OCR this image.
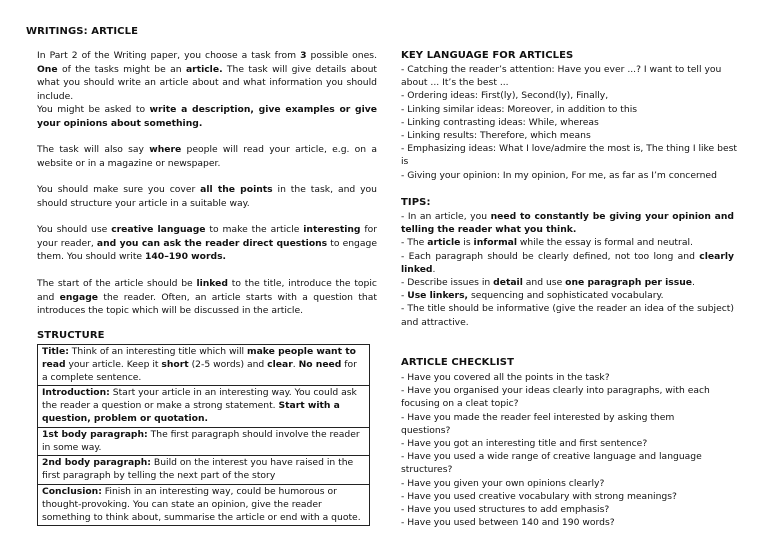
WRITINGS: ARTICLE
In Part 2 of the Writing paper, you choose a task from 3 possible ones. One of the tasks might be an article. The task will give details about what you should write an article about and what information you should include.
You might be asked to write a description, give examples or give your opinions about something.
The task will also say where people will read your article, e.g. on a website or in a magazine or newspaper.
You should make sure you cover all the points in the task, and you should structure your article in a suitable way.
You should use creative language to make the article interesting for your reader, and you can ask the reader direct questions to engage them. You should write 140–190 words.
The start of the article should be linked to the title, introduce the topic and engage the reader. Often, an article starts with a question that introduces the topic which will be discussed in the article.
STRUCTURE
Title: Think of an interesting title which will make people want to read your article. Keep it short (2-5 words) and clear. No need for a complete sentence.
Introduction: Start your article in an interesting way. You could ask the reader a question or make a strong statement. Start with a question, problem or quotation.
1st body paragraph: The first paragraph should involve the reader in some way.
2nd body paragraph: Build on the interest you have raised in the first paragraph by telling the next part of the story
Conclusion: Finish in an interesting way, could be humorous or thought-provoking. You can state an opinion, give the reader something to think about, summarise the article or end with a quote.
KEY LANGUAGE FOR ARTICLES
- Catching the reader’s attention: Have you ever ...? I want to tell you about ... It’s the best ...
- Ordering ideas: First(ly), Second(ly), Finally,
- Linking similar ideas: Moreover, in addition to this
- Linking contrasting ideas: While, whereas
- Linking results: Therefore, which means
- Emphasizing ideas: What I love/admire the most is, The thing I like best is
- Giving your opinion: In my opinion, For me, as far as I’m concerned
TIPS:
- In an article, you need to constantly be giving your opinion and telling the reader what you think.
- The article is informal while the essay is formal and neutral.
- Each paragraph should be clearly defined, not too long and clearly linked.
- Describe issues in detail and use one paragraph per issue.
- Use linkers, sequencing and sophisticated vocabulary.
- The title should be informative (give the reader an idea of the subject) and attractive.
ARTICLE CHECKLIST
- Have you covered all the points in the task?
- Have you organised your ideas clearly into paragraphs, with each focusing on a cleat topic?
- Have you made the reader feel interested by asking them questions?
- Have you got an interesting title and first sentence?
- Have you used a wide range of creative language and language structures?
- Have you given your own opinions clearly?
- Have you used creative vocabulary with strong meanings?
- Have you used structures to add emphasis?
- Have you used between 140 and 190 words?
